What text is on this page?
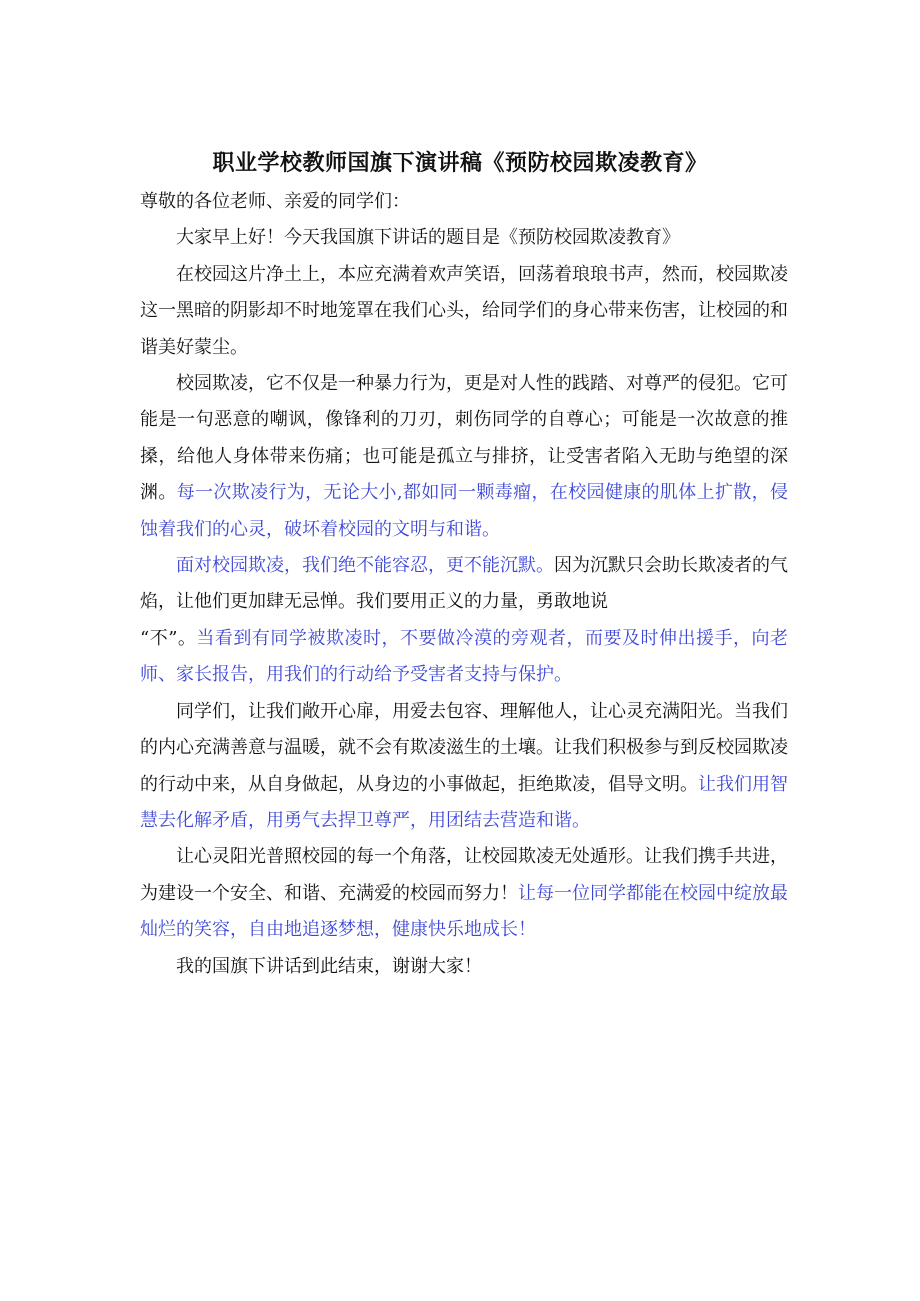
职业学校教师国旗下演讲稿《预防校园欺凌教育》

尊敬的各位老师、亲爱的同学们：

大家早上好！今天我国旗下讲话的题目是《预防校园欺凌教育》

在校园这片净土上，本应充满着欢声笑语，回荡着琅琅书声，然而，校园欺凌这一黑暗的阴影却不时地笼罩在我们心头，给同学们的身心带来伤害，让校园的和谐美好蒙尘。

校园欺凌，它不仅是一种暴力行为，更是对人性的践踏、对尊严的侵犯。它可能是一句恶意的嘲讽，像锋利的刀刃，刺伤同学的自尊心；可能是一次故意的推搡，给他人身体带来伤痛；也可能是孤立与排挤，让受害者陷入无助与绝望的深渊。每一次欺凌行为，无论大小,都如同一颗毒瘤，在校园健康的肌体上扩散，侵蚀着我们的心灵，破坏着校园的文明与和谐。

面对校园欺凌，我们绝不能容忍，更不能沉默。因为沉默只会助长欺凌者的气焰，让他们更加肆无忌惮。我们要用正义的力量，勇敢地说
“不”。当看到有同学被欺凌时，不要做冷漠的旁观者，而要及时伸出援手，向老师、家长报告，用我们的行动给予受害者支持与保护。

同学们，让我们敞开心扉，用爱去包容、理解他人，让心灵充满阳光。当我们的内心充满善意与温暖，就不会有欺凌滋生的土壤。让我们积极参与到反校园欺凌的行动中来，从自身做起，从身边的小事做起，拒绝欺凌，倡导文明。让我们用智慧去化解矛盾，用勇气去捍卫尊严，用团结去营造和谐。

让心灵阳光普照校园的每一个角落，让校园欺凌无处遁形。让我们携手共进，为建设一个安全、和谐、充满爱的校园而努力！让每一位同学都能在校园中绽放最灿烂的笑容，自由地追逐梦想，健康快乐地成长！

我的国旗下讲话到此结束，谢谢大家！
